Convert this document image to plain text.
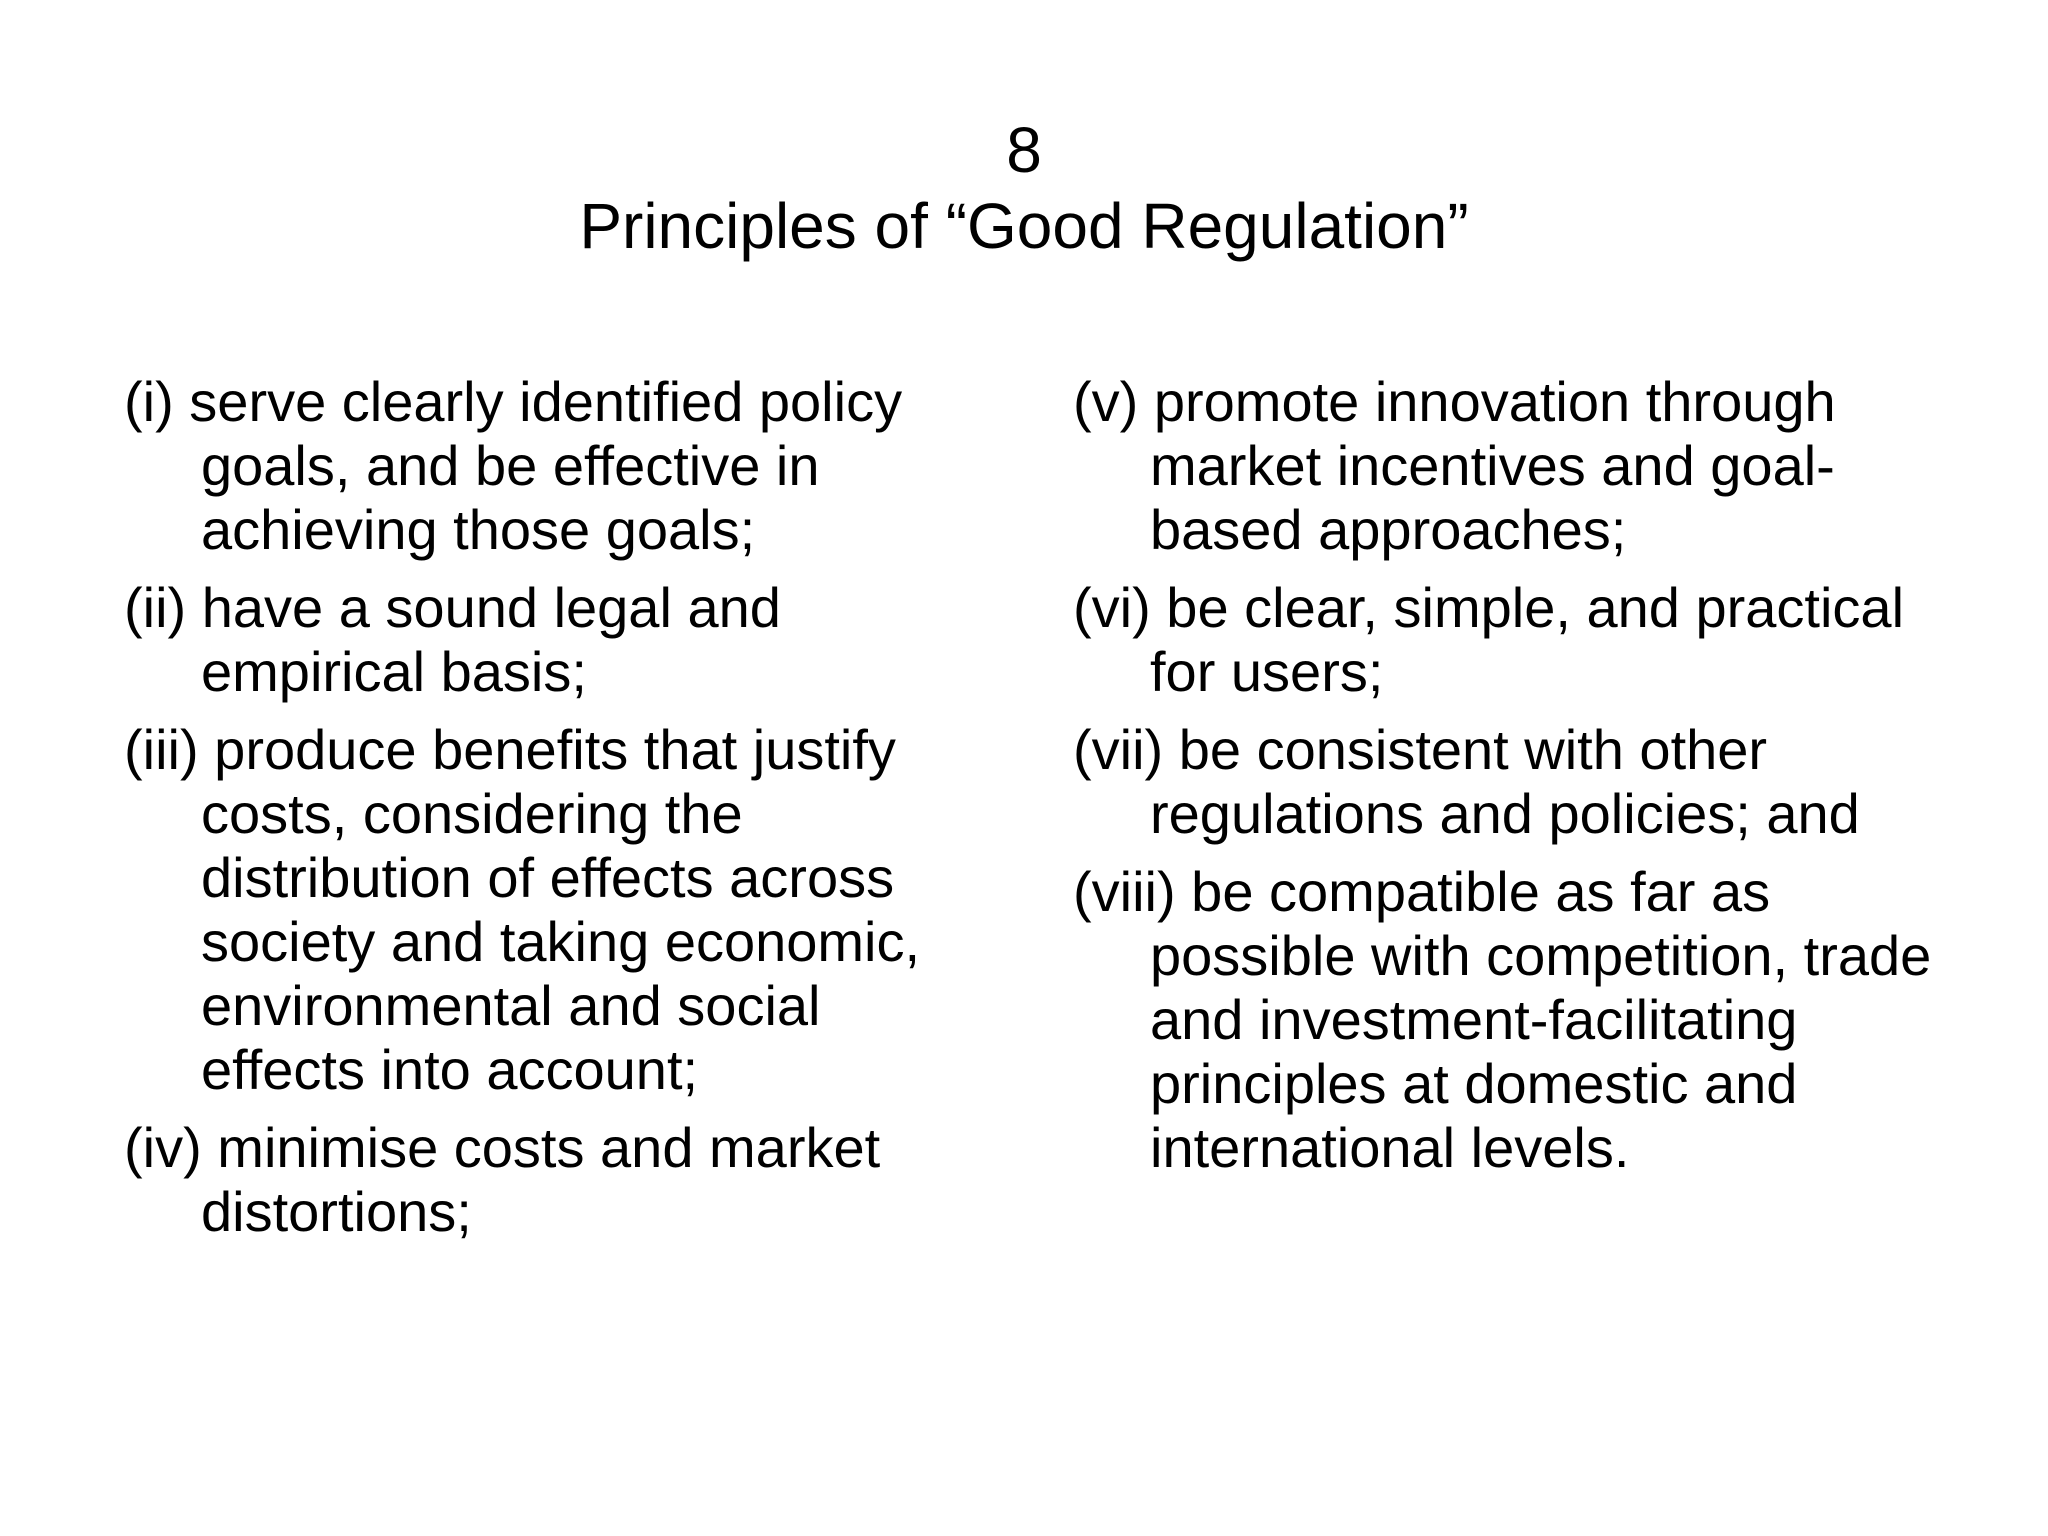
8
Principles of “Good Regulation”
(i) serve clearly identified policy goals, and be effective in achieving those goals;
(ii) have a sound legal and empirical basis;
(iii) produce benefits that justify costs, considering the distribution of effects across society and taking economic, environmental and social effects into account;
(iv) minimise costs and market distortions;
(v) promote innovation through market incentives and goal-based approaches;
(vi) be clear, simple, and practical for users;
(vii) be consistent with other regulations and policies; and
(viii) be compatible as far as possible with competition, trade and investment-facilitating principles at domestic and international levels.
